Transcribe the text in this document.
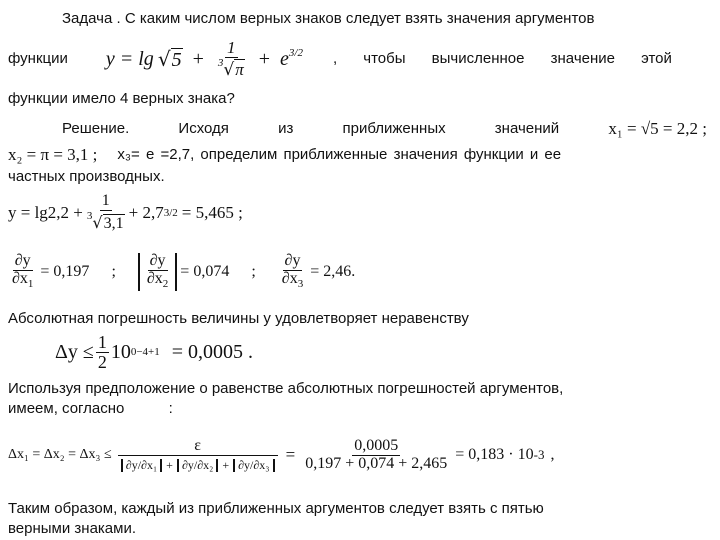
Задача . С каким числом верных знаков следует взять значения аргументов
функции $y = \lg √5 + \frac{1}{^3√\pi} + e^{3/2}$ , чтобы вычисленное значение этой
функции имело 4 верных знака?
Решение.	Исходя	из	приближенных	значений	x₁ = √5 = 2,2 ;
x₂ = π = 3,1 ; x₃= e =2,7, определим приближенные значения функции и ее
частных производных.
$y = \lg 2,2 + \frac{1}{^3√3,1} + 2,7$ 3/2 = 5,465 ;
$\frac{\partial y}{\partial x_1} = 0,197$ ; $\frac{\partial y}{\partial x_2} = 0,074$ ; $\frac{\partial y}{\partial x_3} = 2,46$.
Абсолютная погрешность величины y удовлетворяет неравенству
$\Delta y \le \frac{1}{2} 10$ 0−4+1 = 0,0005 .
Используя предположение о равенстве абсолютных погрешностей аргументов,
имеем, согласно	:
$\Delta x_1 = \Delta x_2 = \Delta x_3 \le \frac{\varepsilon}{\text{∂y/∂x₁ + ∂y/∂x₂ + ∂y/∂x₃}} = \frac{0,0005}{0,197 + 0,074 + 2,465} = 0,183 \cdot 10$ -3 ,
Таким образом, каждый из приближенных аргументов следует взять с пятью
верными знаками.
